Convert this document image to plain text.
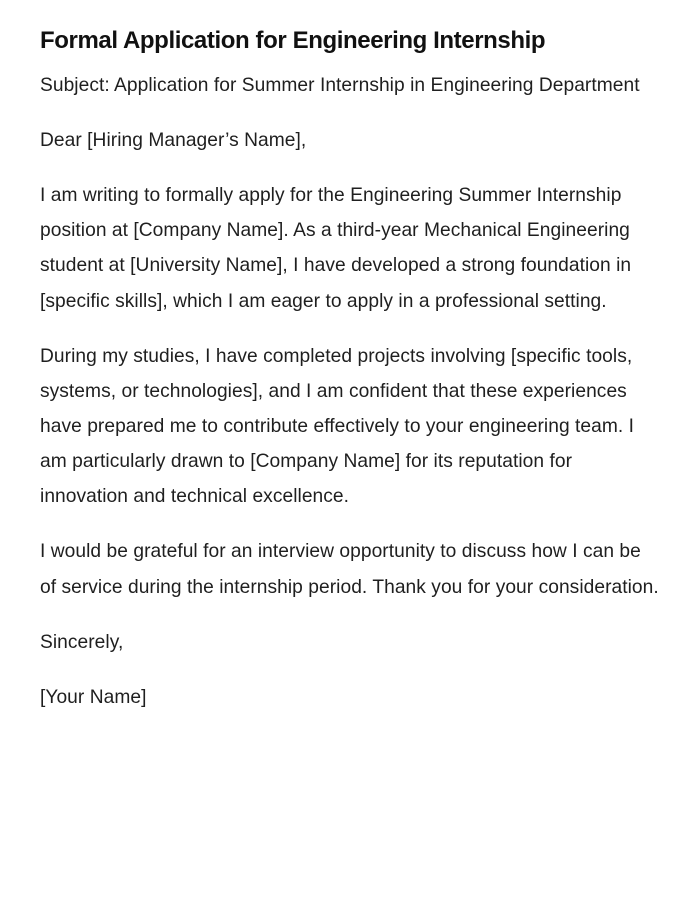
Formal Application for Engineering Internship

Subject: Application for Summer Internship in Engineering Department

Dear [Hiring Manager’s Name],

I am writing to formally apply for the Engineering Summer Internship position at [Company Name]. As a third-year Mechanical Engineering student at [University Name], I have developed a strong foundation in [specific skills], which I am eager to apply in a professional setting.

During my studies, I have completed projects involving [specific tools, systems, or technologies], and I am confident that these experiences have prepared me to contribute effectively to your engineering team. I am particularly drawn to [Company Name] for its reputation for innovation and technical excellence.

I would be grateful for an interview opportunity to discuss how I can be of service during the internship period. Thank you for your consideration.

Sincerely,

[Your Name]
